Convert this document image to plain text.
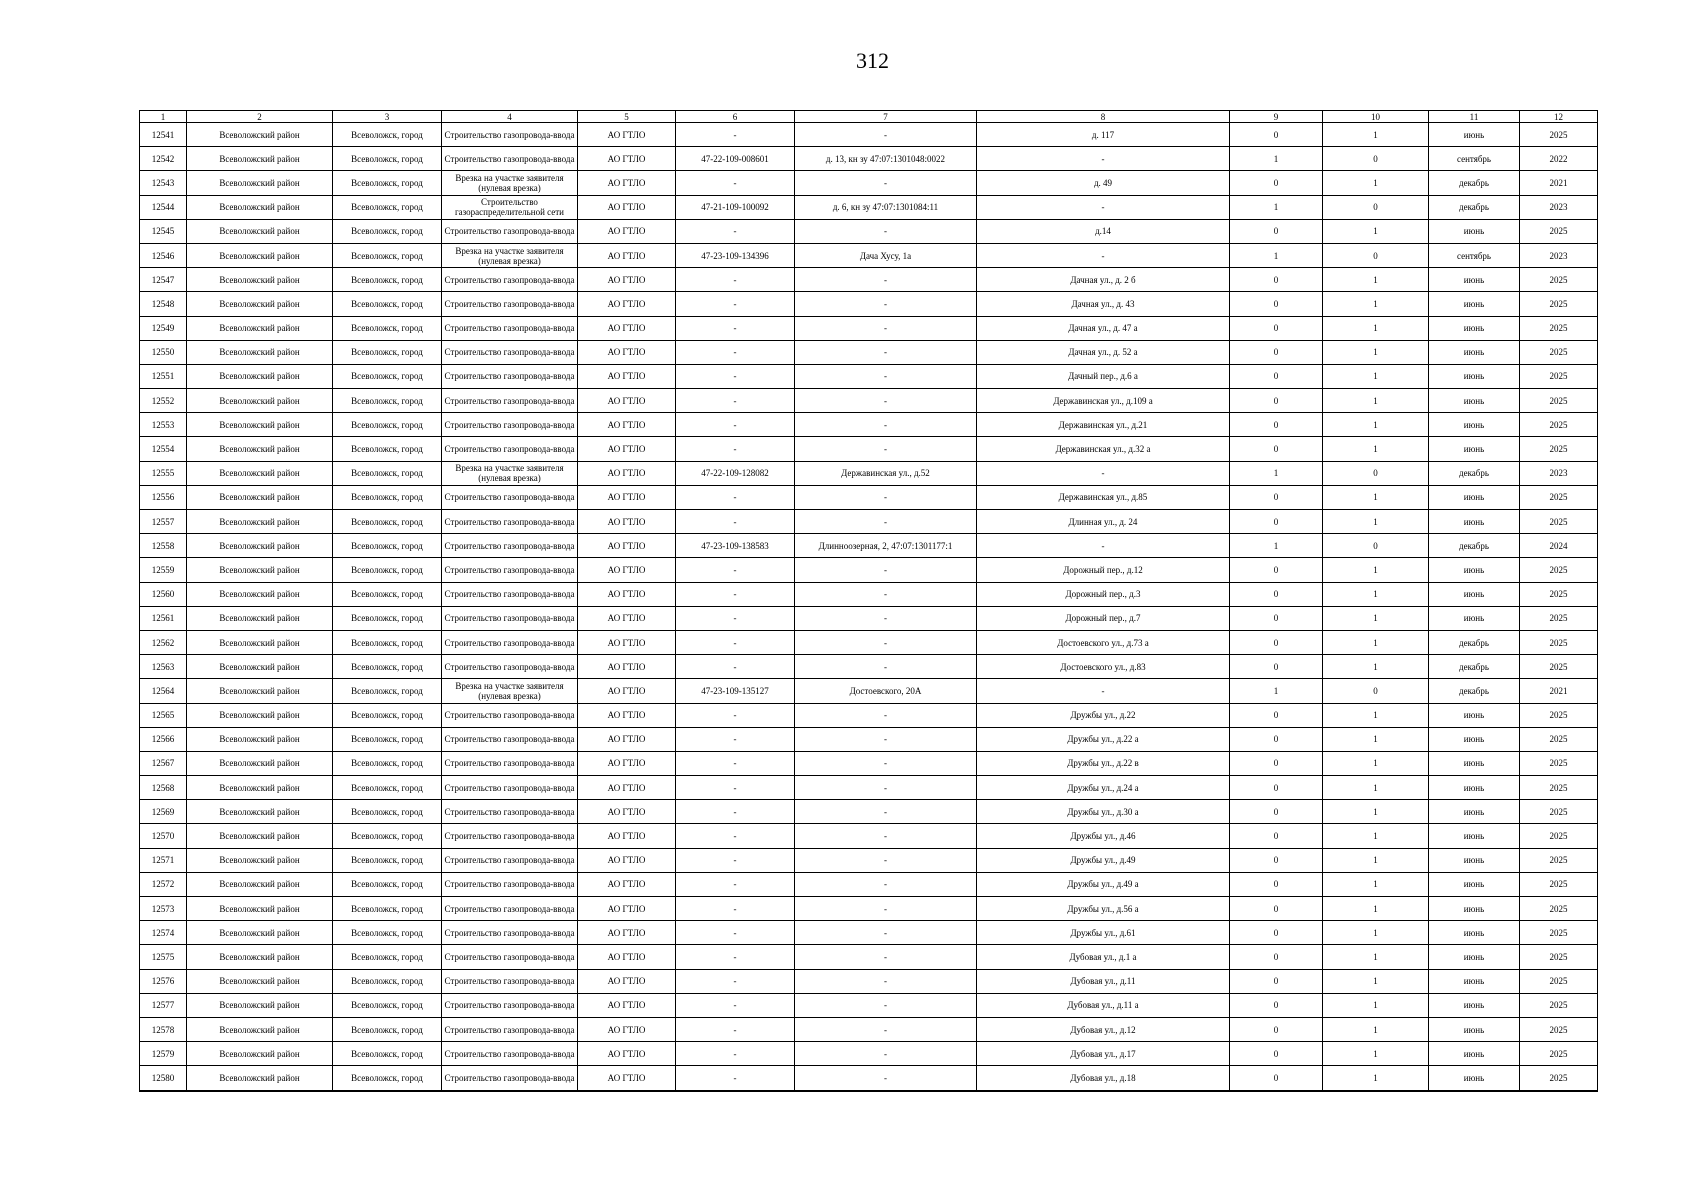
312
1	2	3	4	5	6	7	8	9	10	11	12
12541	Всеволожский район	Всеволожск, город	Строительство газопровода-ввода	АО ГТЛО	-	-	д. 117	0	1	июнь	2025
12542	Всеволожский район	Всеволожск, город	Строительство газопровода-ввода	АО ГТЛО	47-22-109-008601	д. 13, кн зу 47:07:1301048:0022	-	1	0	сентябрь	2022
12543	Всеволожский район	Всеволожск, город	Врезка на участке заявителя (нулевая врезка)	АО ГТЛО	-	-	д. 49	0	1	декабрь	2021
12544	Всеволожский район	Всеволожск, город	Строительство газораспределительной сети	АО ГТЛО	47-21-109-100092	д. 6, кн зу 47:07:1301084:11	-	1	0	декабрь	2023
12545	Всеволожский район	Всеволожск, город	Строительство газопровода-ввода	АО ГТЛО	-	-	д.14	0	1	июнь	2025
12546	Всеволожский район	Всеволожск, город	Врезка на участке заявителя (нулевая врезка)	АО ГТЛО	47-23-109-134396	Дача Хусу, 1а	-	1	0	сентябрь	2023
12547	Всеволожский район	Всеволожск, город	Строительство газопровода-ввода	АО ГТЛО	-	-	Дачная ул., д. 2 б	0	1	июнь	2025
12548	Всеволожский район	Всеволожск, город	Строительство газопровода-ввода	АО ГТЛО	-	-	Дачная ул., д. 43	0	1	июнь	2025
12549	Всеволожский район	Всеволожск, город	Строительство газопровода-ввода	АО ГТЛО	-	-	Дачная ул., д. 47 а	0	1	июнь	2025
12550	Всеволожский район	Всеволожск, город	Строительство газопровода-ввода	АО ГТЛО	-	-	Дачная ул., д. 52 а	0	1	июнь	2025
12551	Всеволожский район	Всеволожск, город	Строительство газопровода-ввода	АО ГТЛО	-	-	Дачный пер., д.6 а	0	1	июнь	2025
12552	Всеволожский район	Всеволожск, город	Строительство газопровода-ввода	АО ГТЛО	-	-	Державинская ул., д.109 а	0	1	июнь	2025
12553	Всеволожский район	Всеволожск, город	Строительство газопровода-ввода	АО ГТЛО	-	-	Державинская ул., д.21	0	1	июнь	2025
12554	Всеволожский район	Всеволожск, город	Строительство газопровода-ввода	АО ГТЛО	-	-	Державинская ул., д.32 а	0	1	июнь	2025
12555	Всеволожский район	Всеволожск, город	Врезка на участке заявителя (нулевая врезка)	АО ГТЛО	47-22-109-128082	Державинская ул., д.52	-	1	0	декабрь	2023
12556	Всеволожский район	Всеволожск, город	Строительство газопровода-ввода	АО ГТЛО	-	-	Державинская ул., д.85	0	1	июнь	2025
12557	Всеволожский район	Всеволожск, город	Строительство газопровода-ввода	АО ГТЛО	-	-	Длинная ул., д. 24	0	1	июнь	2025
12558	Всеволожский район	Всеволожск, город	Строительство газопровода-ввода	АО ГТЛО	47-23-109-138583	Длинноозерная, 2, 47:07:1301177:1	-	1	0	декабрь	2024
12559	Всеволожский район	Всеволожск, город	Строительство газопровода-ввода	АО ГТЛО	-	-	Дорожный пер., д.12	0	1	июнь	2025
12560	Всеволожский район	Всеволожск, город	Строительство газопровода-ввода	АО ГТЛО	-	-	Дорожный пер., д.3	0	1	июнь	2025
12561	Всеволожский район	Всеволожск, город	Строительство газопровода-ввода	АО ГТЛО	-	-	Дорожный пер., д.7	0	1	июнь	2025
12562	Всеволожский район	Всеволожск, город	Строительство газопровода-ввода	АО ГТЛО	-	-	Достоевского ул., д.73 а	0	1	декабрь	2025
12563	Всеволожский район	Всеволожск, город	Строительство газопровода-ввода	АО ГТЛО	-	-	Достоевского ул., д.83	0	1	декабрь	2025
12564	Всеволожский район	Всеволожск, город	Врезка на участке заявителя (нулевая врезка)	АО ГТЛО	47-23-109-135127	Достоевского, 20А	-	1	0	декабрь	2021
12565	Всеволожский район	Всеволожск, город	Строительство газопровода-ввода	АО ГТЛО	-	-	Дружбы ул., д.22	0	1	июнь	2025
12566	Всеволожский район	Всеволожск, город	Строительство газопровода-ввода	АО ГТЛО	-	-	Дружбы ул., д.22 а	0	1	июнь	2025
12567	Всеволожский район	Всеволожск, город	Строительство газопровода-ввода	АО ГТЛО	-	-	Дружбы ул., д.22 в	0	1	июнь	2025
12568	Всеволожский район	Всеволожск, город	Строительство газопровода-ввода	АО ГТЛО	-	-	Дружбы ул., д.24 а	0	1	июнь	2025
12569	Всеволожский район	Всеволожск, город	Строительство газопровода-ввода	АО ГТЛО	-	-	Дружбы ул., д.30 а	0	1	июнь	2025
12570	Всеволожский район	Всеволожск, город	Строительство газопровода-ввода	АО ГТЛО	-	-	Дружбы ул., д.46	0	1	июнь	2025
12571	Всеволожский район	Всеволожск, город	Строительство газопровода-ввода	АО ГТЛО	-	-	Дружбы ул., д.49	0	1	июнь	2025
12572	Всеволожский район	Всеволожск, город	Строительство газопровода-ввода	АО ГТЛО	-	-	Дружбы ул., д.49 а	0	1	июнь	2025
12573	Всеволожский район	Всеволожск, город	Строительство газопровода-ввода	АО ГТЛО	-	-	Дружбы ул., д.56 а	0	1	июнь	2025
12574	Всеволожский район	Всеволожск, город	Строительство газопровода-ввода	АО ГТЛО	-	-	Дружбы ул., д.61	0	1	июнь	2025
12575	Всеволожский район	Всеволожск, город	Строительство газопровода-ввода	АО ГТЛО	-	-	Дубовая ул., д.1 а	0	1	июнь	2025
12576	Всеволожский район	Всеволожск, город	Строительство газопровода-ввода	АО ГТЛО	-	-	Дубовая ул., д.11	0	1	июнь	2025
12577	Всеволожский район	Всеволожск, город	Строительство газопровода-ввода	АО ГТЛО	-	-	Дубовая ул., д.11 а	0	1	июнь	2025
12578	Всеволожский район	Всеволожск, город	Строительство газопровода-ввода	АО ГТЛО	-	-	Дубовая ул., д.12	0	1	июнь	2025
12579	Всеволожский район	Всеволожск, город	Строительство газопровода-ввода	АО ГТЛО	-	-	Дубовая ул., д.17	0	1	июнь	2025
12580	Всеволожский район	Всеволожск, город	Строительство газопровода-ввода	АО ГТЛО	-	-	Дубовая ул., д.18	0	1	июнь	2025
